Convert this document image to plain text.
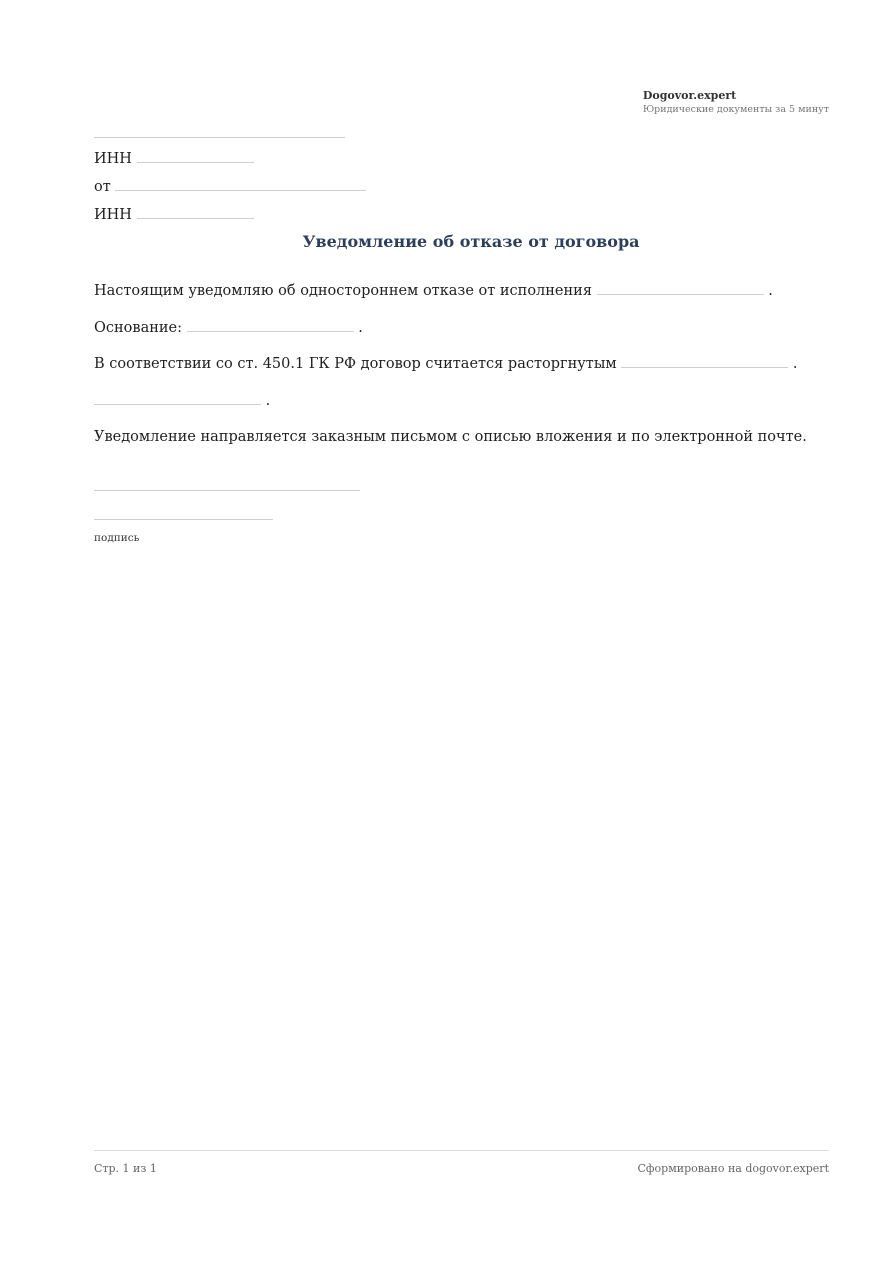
Dogovor.expert
Юридические документы за 5 минут
ИНН
от
ИНН
Уведомление об отказе от договора
Настоящим уведомляю об одностороннем отказе от исполнения	.
Основание:	.
В соответствии со ст. 450.1 ГК РФ договор считается расторгнутым	.
.
Уведомление направляется заказным письмом с описью вложения и по электронной почте.
подпись
Стр. 1 из 1	Сформировано на dogovor.expert
